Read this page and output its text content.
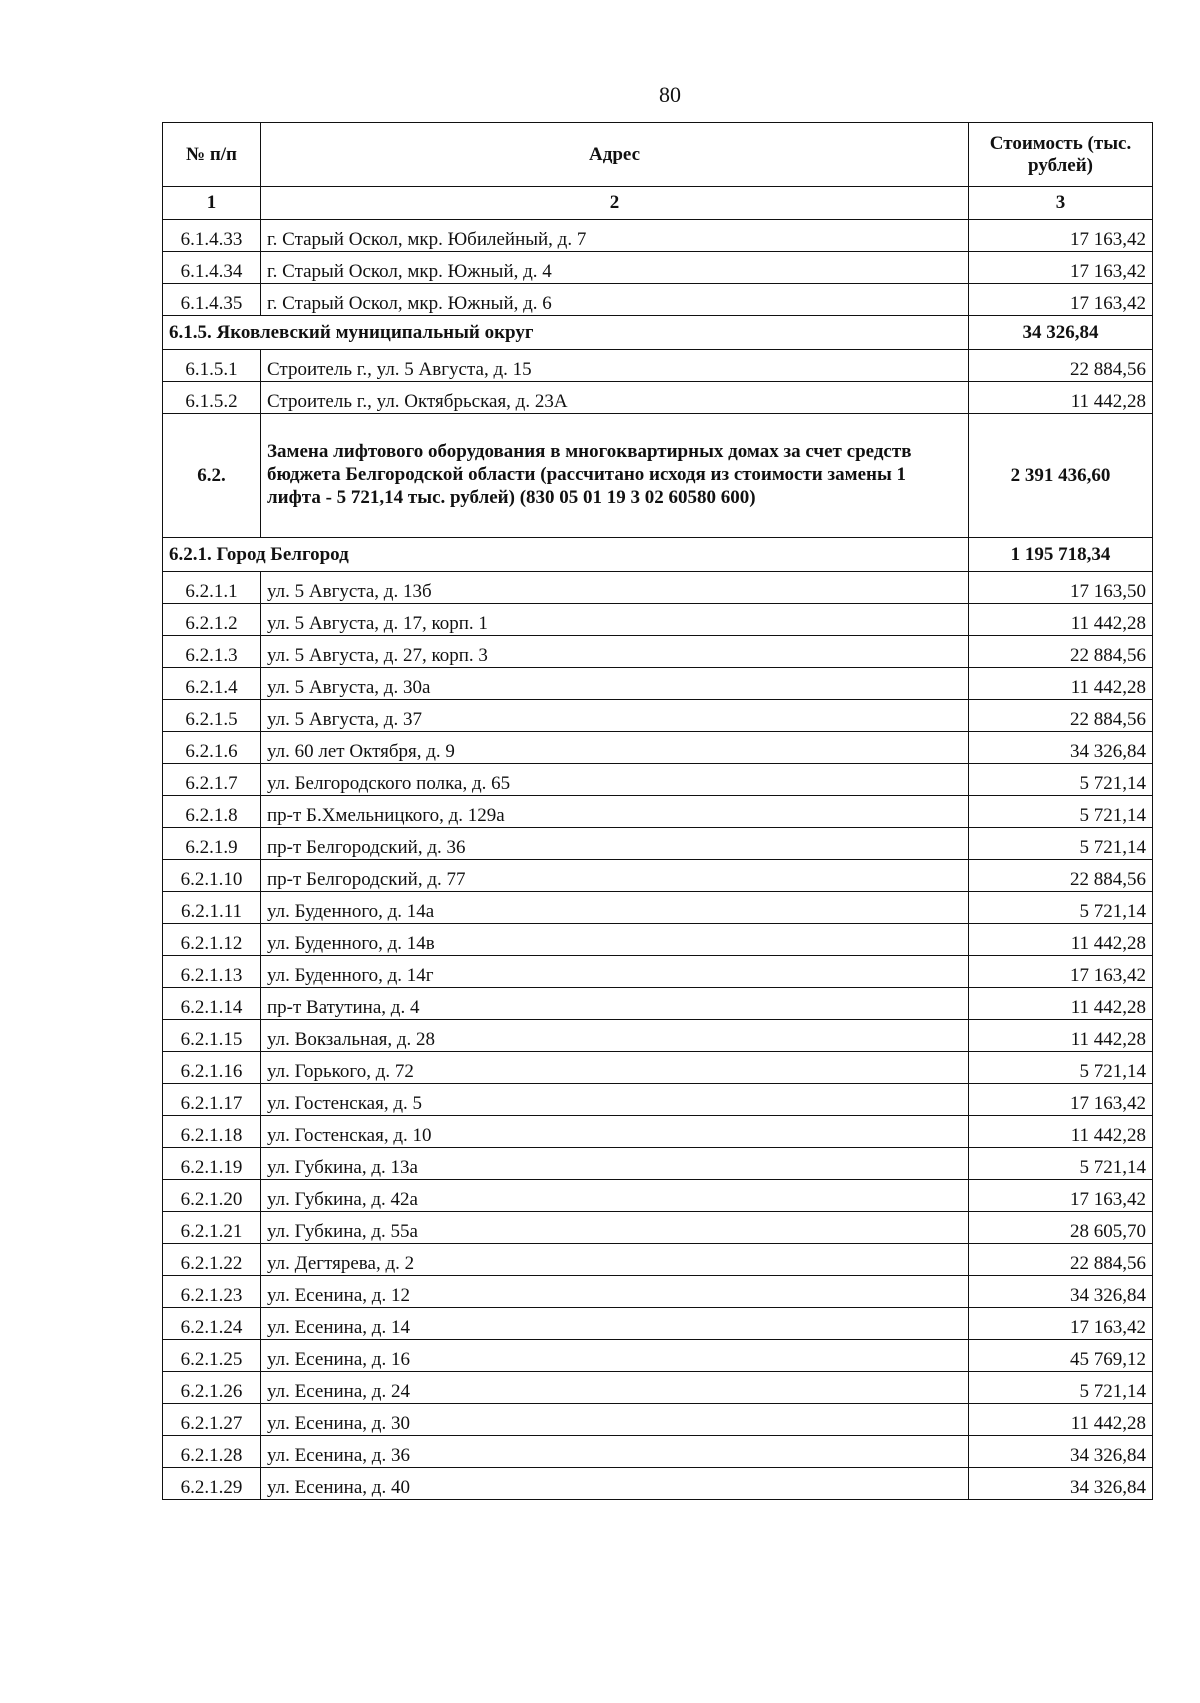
80
№ п/п	Адрес	Стоимость (тыс. рублей)
1	2	3
6.1.4.33	г. Старый Оскол, мкр. Юбилейный, д. 7	17 163,42
6.1.4.34	г. Старый Оскол, мкр. Южный, д. 4	17 163,42
6.1.4.35	г. Старый Оскол, мкр. Южный, д. 6	17 163,42
6.1.5. Яковлевский муниципальный округ		34 326,84
6.1.5.1	Строитель г., ул. 5 Августа, д. 15	22 884,56
6.1.5.2	Строитель г., ул. Октябрьская, д. 23А	11 442,28
6.2.	Замена лифтового оборудования в многоквартирных домах за счет средств бюджета Белгородской области (рассчитано исходя из стоимости замены 1 лифта - 5 721,14 тыс. рублей) (830 05 01 19 3 02 60580 600)	2 391 436,60
6.2.1. Город Белгород		1 195 718,34
6.2.1.1	ул. 5 Августа, д. 13б	17 163,50
6.2.1.2	ул. 5 Августа, д. 17, корп. 1	11 442,28
6.2.1.3	ул. 5 Августа, д. 27, корп. 3	22 884,56
6.2.1.4	ул. 5 Августа, д. 30а	11 442,28
6.2.1.5	ул. 5 Августа, д. 37	22 884,56
6.2.1.6	ул. 60 лет Октября, д. 9	34 326,84
6.2.1.7	ул. Белгородского полка, д. 65	5 721,14
6.2.1.8	пр-т Б.Хмельницкого, д. 129а	5 721,14
6.2.1.9	пр-т Белгородский, д. 36	5 721,14
6.2.1.10	пр-т Белгородский, д. 77	22 884,56
6.2.1.11	ул. Буденного, д. 14а	5 721,14
6.2.1.12	ул. Буденного, д. 14в	11 442,28
6.2.1.13	ул. Буденного, д. 14г	17 163,42
6.2.1.14	пр-т Ватутина, д. 4	11 442,28
6.2.1.15	ул. Вокзальная, д. 28	11 442,28
6.2.1.16	ул. Горького, д. 72	5 721,14
6.2.1.17	ул. Гостенская, д. 5	17 163,42
6.2.1.18	ул. Гостенская, д. 10	11 442,28
6.2.1.19	ул. Губкина, д. 13а	5 721,14
6.2.1.20	ул. Губкина, д. 42а	17 163,42
6.2.1.21	ул. Губкина, д. 55а	28 605,70
6.2.1.22	ул. Дегтярева, д. 2	22 884,56
6.2.1.23	ул. Есенина, д. 12	34 326,84
6.2.1.24	ул. Есенина, д. 14	17 163,42
6.2.1.25	ул. Есенина, д. 16	45 769,12
6.2.1.26	ул. Есенина, д. 24	5 721,14
6.2.1.27	ул. Есенина, д. 30	11 442,28
6.2.1.28	ул. Есенина, д. 36	34 326,84
6.2.1.29	ул. Есенина, д. 40	34 326,84
